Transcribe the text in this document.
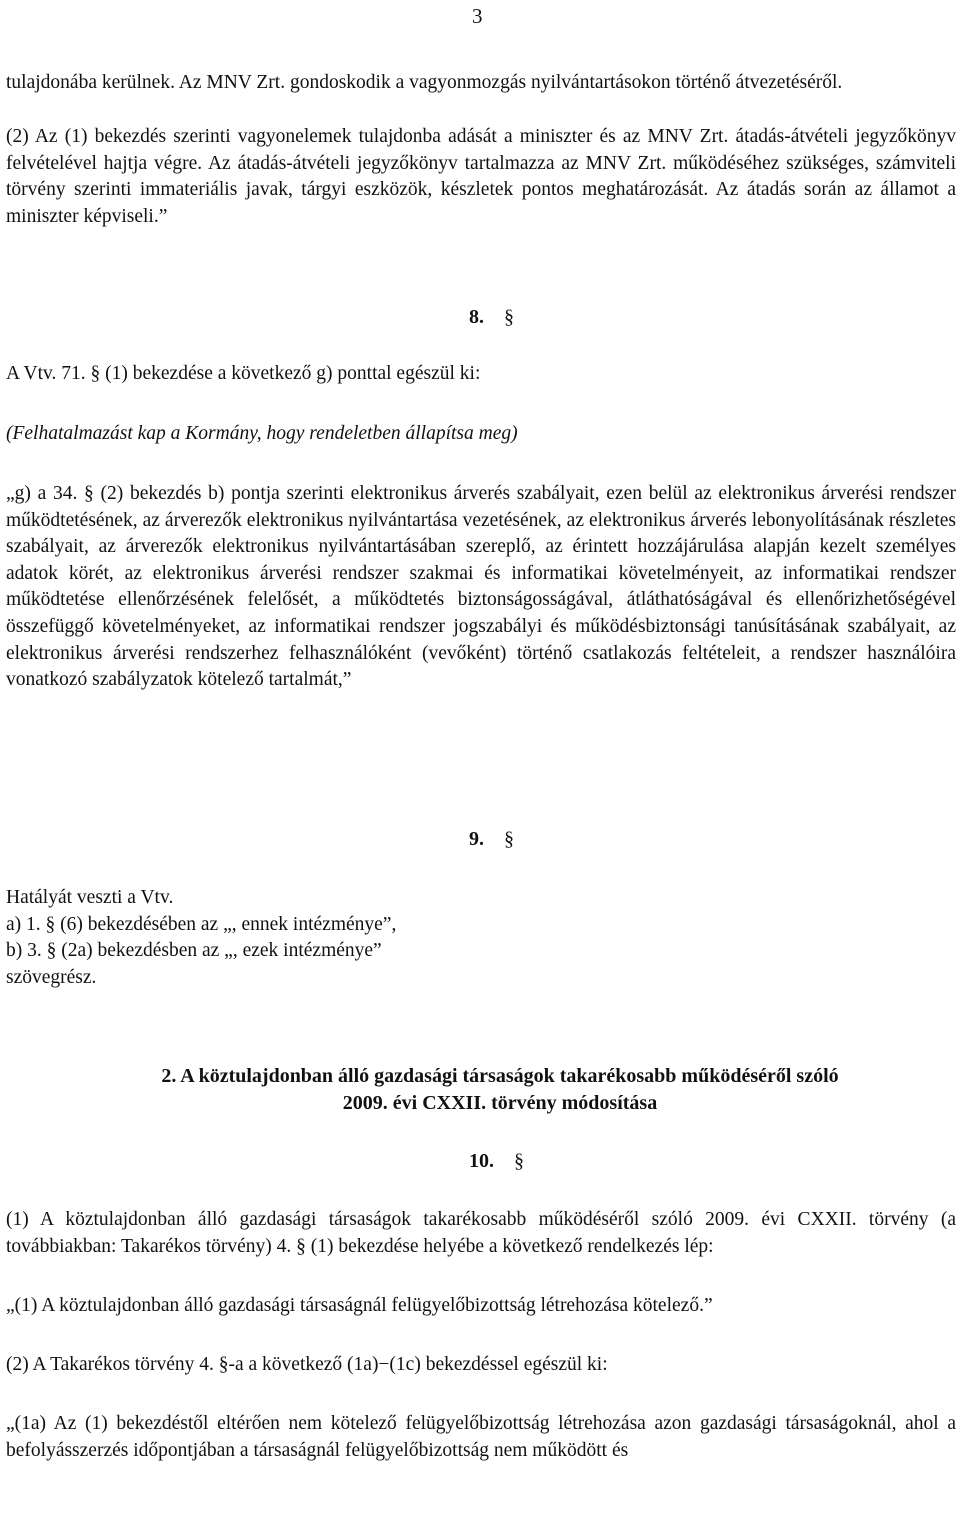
3

tulajdonába kerülnek. Az MNV Zrt. gondoskodik a vagyonmozgás nyilvántartásokon történő átvezetéséről.

(2) Az (1) bekezdés szerinti vagyonelemek tulajdonba adását a miniszter és az MNV Zrt. átadás-átvételi jegyzőkönyv felvételével hajtja végre. Az átadás-átvételi jegyzőkönyv tartalmazza az MNV Zrt. működéséhez szükséges, számviteli törvény szerinti immateriális javak, tárgyi eszközök, készletek pontos meghatározását. Az átadás során az államot a miniszter képviseli.”

8. §

A Vtv. 71. § (1) bekezdése a következő g) ponttal egészül ki:

(Felhatalmazást kap a Kormány, hogy rendeletben állapítsa meg)

„g) a 34. § (2) bekezdés b) pontja szerinti elektronikus árverés szabályait, ezen belül az elektronikus árverési rendszer működtetésének, az árverezők elektronikus nyilvántartása vezetésének, az elektronikus árverés lebonyolításának részletes szabályait, az árverezők elektronikus nyilvántartásában szereplő, az érintett hozzájárulása alapján kezelt személyes adatok körét, az elektronikus árverési rendszer szakmai és informatikai követelményeit, az informatikai rendszer működtetése ellenőrzésének felelősét, a működtetés biztonságosságával, átláthatóságával és ellenőrizhetőségével összefüggő követelményeket, az informatikai rendszer jogszabályi és működésbiztonsági tanúsításának szabályait, az elektronikus árverési rendszerhez felhasználóként (vevőként) történő csatlakozás feltételeit, a rendszer használóira vonatkozó szabályzatok kötelező tartalmát,”

9. §

Hatályát veszti a Vtv.

a) 1. § (6) bekezdésében az „, ennek intézménye”,

b) 3. § (2a) bekezdésben az „, ezek intézménye”

szövegrész.

2. A köztulajdonban álló gazdasági társaságok takarékosabb működéséről szóló
2009. évi CXXII. törvény módosítása
10. §

(1) A köztulajdonban álló gazdasági társaságok takarékosabb működéséről szóló 2009. évi CXXII. törvény (a továbbiakban: Takarékos törvény) 4. § (1) bekezdése helyébe a következő rendelkezés lép:

„(1) A köztulajdonban álló gazdasági társaságnál felügyelőbizottság létrehozása kötelező.”

(2) A Takarékos törvény 4. §-a a következő (1a)−(1c) bekezdéssel egészül ki:

„(1a) Az (1) bekezdéstől eltérően nem kötelező felügyelőbizottság létrehozása azon gazdasági társaságoknál, ahol a befolyásszerzés időpontjában a társaságnál felügyelőbizottság nem működött és
